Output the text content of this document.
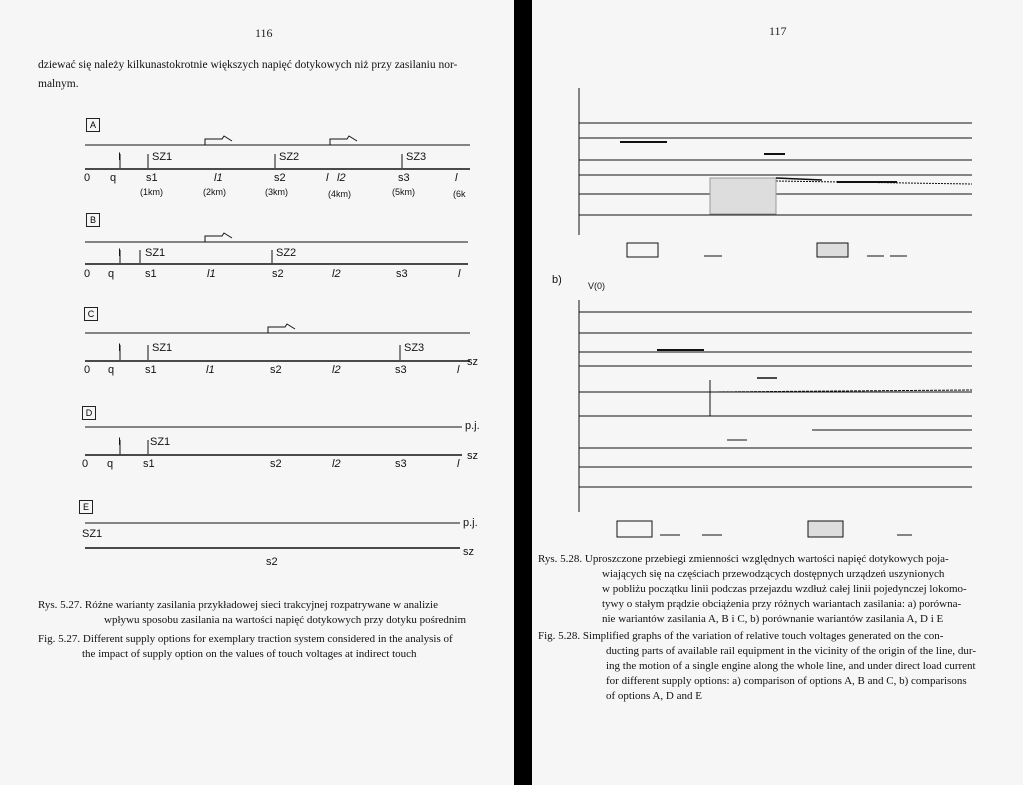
116
dziewać się należy kilkunastokrotnie większych napięć dotykowych niż przy zasilaniu nor-
malnym.
A
B
C
D
E
I	SZ1	SZ2	SZ3
0 q	s1	l1	s2	l l2	s3	l
(1km)	(2km)	(3km)	(4km)	(5km)	(6k
I SZ1	SZ2
0 q	s1	l1	s2	l2	s3	l
I	SZ1	SZ3
0 q	s1	l1	s2	l2	s3	l
sz
I	SZ1
0 q	s1	s2	l2	s3	l
p.j.
sz
SZ1
s2
p.j.
sz
Rys. 5.27. Różne warianty zasilania przykładowej sieci trakcyjnej rozpatrywane w analizie
wpływu sposobu zasilania na wartości napięć dotykowych przy dotyku pośrednim
Fig. 5.27. Different supply options for exemplary traction system considered in the analysis of
the impact of supply option on the values of touch voltages at indirect touch
117
b)	V(0)
Rys. 5.28. Uproszczone przebiegi zmienności względnych wartości napięć dotykowych poja-
wiających się na częściach przewodzących dostępnych urządzeń uszynionych
w pobliżu początku linii podczas przejazdu wzdłuż całej linii pojedynczej lokomo-
tywy o stałym prądzie obciążenia przy różnych wariantach zasilania: a) porówna-
nie wariantów zasilania A, B i C, b) porównanie wariantów zasilania A, D i E
Fig. 5.28. Simplified graphs of the variation of relative touch voltages generated on the con-
ducting parts of available rail equipment in the vicinity of the origin of the line, dur-
ing the motion of a single engine along the whole line, and under direct load current
for different supply options: a) comparison of options A, B and C, b) comparisons
of options A, D and E
